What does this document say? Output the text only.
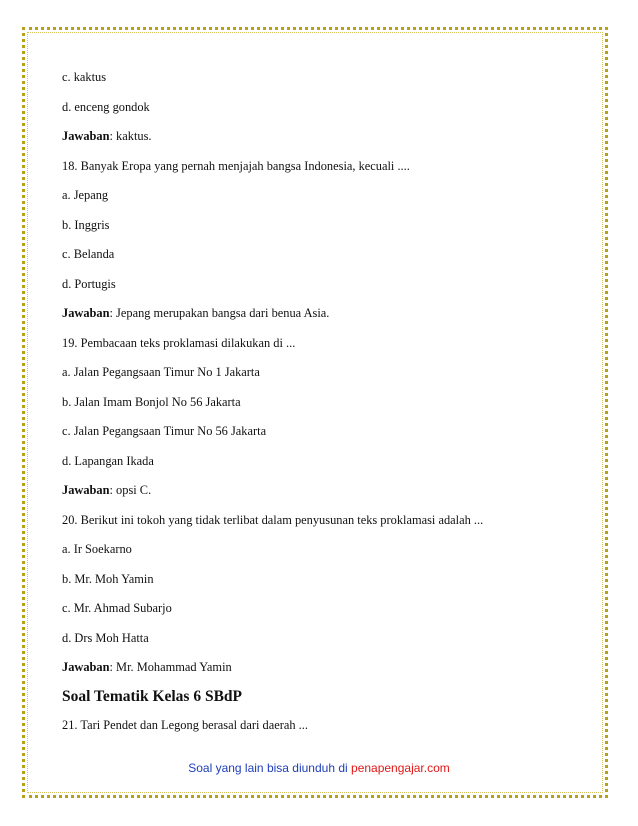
c. kaktus
d. enceng gondok
Jawaban: kaktus.
18. Banyak Eropa yang pernah menjajah bangsa Indonesia, kecuali ....
a. Jepang
b. Inggris
c. Belanda
d. Portugis
Jawaban: Jepang merupakan bangsa dari benua Asia.
19. Pembacaan teks proklamasi dilakukan di ...
a. Jalan Pegangsaan Timur No 1 Jakarta
b. Jalan Imam Bonjol No 56 Jakarta
c. Jalan Pegangsaan Timur No 56 Jakarta
d. Lapangan Ikada
Jawaban: opsi C.
20. Berikut ini tokoh yang tidak terlibat dalam penyusunan teks proklamasi adalah ...
a. Ir Soekarno
b. Mr. Moh Yamin
c. Mr. Ahmad Subarjo
d. Drs Moh Hatta
Jawaban: Mr. Mohammad Yamin
Soal Tematik Kelas 6 SBdP
21. Tari Pendet dan Legong berasal dari daerah ...
Soal yang lain bisa diunduh di penapengajar.com
